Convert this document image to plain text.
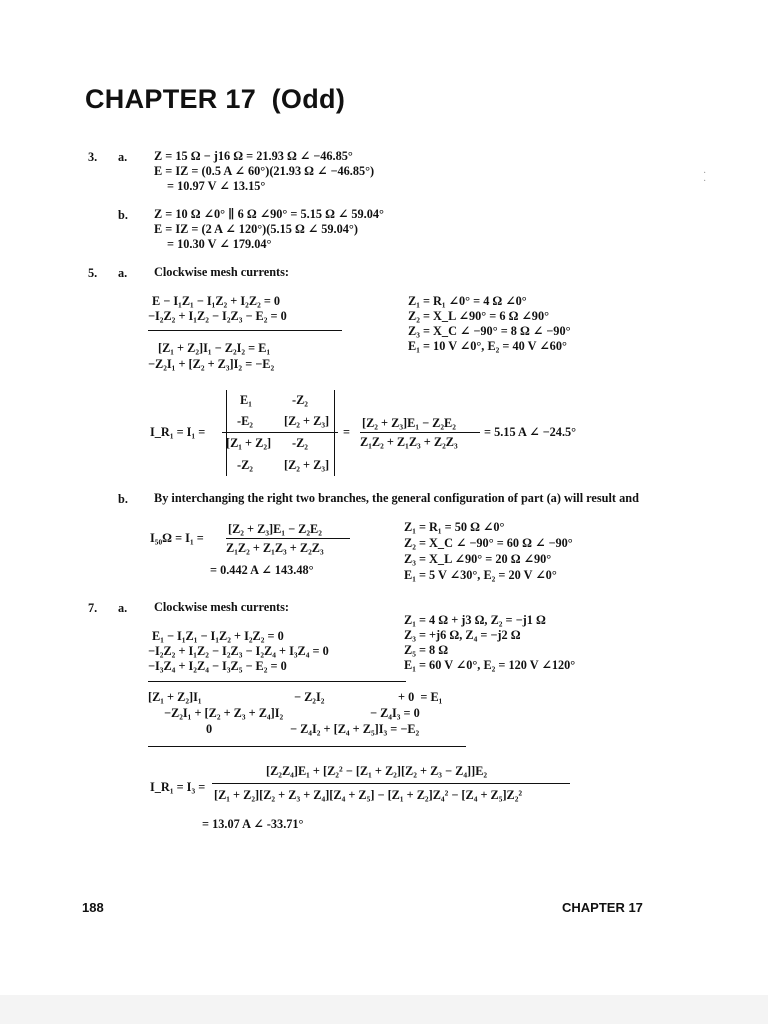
·
·
CHAPTER 17  (Odd)
3. a. Z = 15 Ω − j16 Ω = 21.93 Ω ∠ −46.85°
E = IZ = (0.5 A ∠ 60°)(21.93 Ω ∠ −46.85°)
= 10.97 V ∠ 13.15°
b. Z = 10 Ω ∠0° ∥ 6 Ω ∠90° = 5.15 Ω ∠ 59.04°
E = IZ = (2 A ∠ 120°)(5.15 Ω ∠ 59.04°)
= 10.30 V ∠ 179.04°
5. a. Clockwise mesh currents:
E − I₁Z₁ − I₁Z₂ + I₂Z₂ = 0
−I₂Z₂ + I₁Z₂ − I₂Z₃ − E₂ = 0
[Z₁ + Z₂]I₁ − Z₂I₂ = E₁
−Z₂I₁ + [Z₂ + Z₃]I₂ = −E₂
Z₁ = R₁ ∠0° = 4 Ω ∠0°
Z₂ = X_L ∠90° = 6 Ω ∠90°
Z₃ = X_C ∠ −90° = 8 Ω ∠ −90°
E₁ = 10 V ∠0°, E₂ = 40 V ∠60°
I_R₁ = I₁ =
E₁	-Z₂
-E₂	[Z₂ + Z₃]
[Z₁ + Z₂] -Z₂
-Z₂	[Z₂ + Z₃]
=
[Z₂ + Z₃]E₁ − Z₂E₂
Z₁Z₂ + Z₁Z₃ + Z₂Z₃
= 5.15 A ∠ −24.5°
b. By interchanging the right two branches, the general configuration of part (a) will result and
I₅₀Ω = I₁ =
[Z₂ + Z₃]E₁ − Z₂E₂
Z₁Z₂ + Z₁Z₃ + Z₂Z₃
= 0.442 A ∠ 143.48°
Z₁ = R₁ = 50 Ω ∠0°
Z₂ = X_C ∠ −90° = 60 Ω ∠ −90°
Z₃ = X_L ∠90° = 20 Ω ∠90°
E₁ = 5 V ∠30°, E₂ = 20 V ∠0°
7. a. Clockwise mesh currents:
Z₁ = 4 Ω + j3 Ω, Z₂ = −j1 Ω
Z₃ = +j6 Ω, Z₄ = −j2 Ω
Z₅ = 8 Ω
E₁ = 60 V ∠0°, E₂ = 120 V ∠120°
E₁ − I₁Z₁ − I₁Z₂ + I₂Z₂ = 0
−I₂Z₂ + I₁Z₂ − I₂Z₃ − I₂Z₄ + I₃Z₄ = 0
−I₃Z₄ + I₂Z₄ − I₃Z₅ − E₂ = 0
[Z₁ + Z₂]I₁	− Z₂I₂	+ 0  = E₁
−Z₂I₁ + [Z₂ + Z₃ + Z₄]I₂	− Z₄I₃ = 0
0	− Z₄I₂ + [Z₄ + Z₅]I₃ = −E₂
I_R₁ = I₃ =
[Z₂Z₄]E₁ + [Z₂² − [Z₁ + Z₂][Z₂ + Z₃ − Z₄]]E₂
[Z₁ + Z₂][Z₂ + Z₃ + Z₄][Z₄ + Z₅] − [Z₁ + Z₂]Z₄² − [Z₄ + Z₅]Z₂²
= 13.07 A ∠ -33.71°
188	CHAPTER 17
